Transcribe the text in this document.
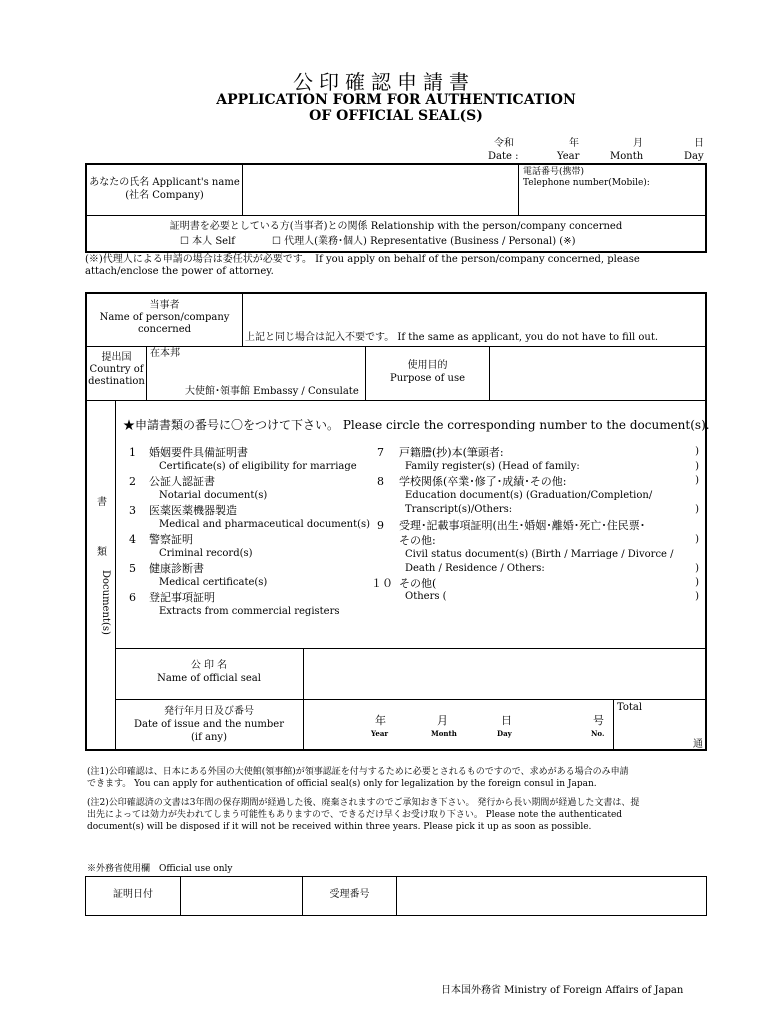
公印確認申請書
APPLICATION FORM FOR AUTHENTICATION
OF OFFICIAL SEAL(S)
令和
Date :
年
Year
月
Month
日
Day
あなたの氏名 Applicant's name
(社名 Company)
電話番号(携帯)
Telephone number(Mobile):
証明書を必要としている方(当事者)との関係 Relationship with the person/company concerned
☐ 本人 Self	☐ 代理人(業務･個人) Representative (Business / Personal) (※)
(※)代理人による申請の場合は委任状が必要です。 If you apply on behalf of the person/company concerned, please
attach/enclose the power of attorney.
当事者
Name of person/company
concerned
上記と同じ場合は記入不要です。 If the same as applicant, you do not have to fill out.
提出国
Country of
destination
在本邦
大使館･領事館 Embassy / Consulate
使用目的
Purpose of use
書
類
Document(s)
★申請書類の番号に〇をつけて下さい。 Please circle the corresponding number to the document(s).
1 婚姻要件具備証明書
Certificate(s) of eligibility for marriage
2 公証人認証書
Notarial document(s)
3 医薬医薬機器製造
Medical and pharmaceutical document(s)
4 警察証明
Criminal record(s)
5 健康診断書
Medical certificate(s)
6 登記事項証明
Extracts from commercial registers
7 戸籍謄(抄)本(筆頭者:	)
Family register(s) (Head of family:	)
8 学校関係(卒業･修了･成績･その他:	)
Education document(s) (Graduation/Completion/
Transcript(s)/Others:	)
9 受理･記載事項証明(出生･婚姻･離婚･死亡･住民票･
その他:	)
Civil status document(s) (Birth / Marriage / Divorce /
Death / Residence / Others:	)
１０ その他(	)
Others (	)
公 印 名
Name of official seal
発行年月日及び番号
Date of issue and the number
(if any)
年
Year
月
Month
日
Day
号
No.
Total
通
(注1)公印確認は、日本にある外国の大使館(領事館)が領事認証を付与するために必要とされるものですので、求めがある場合のみ申請
できます。 You can apply for authentication of official seal(s) only for legalization by the foreign consul in Japan.
(注2)公印確認済の文書は3年間の保存期間が経過した後、廃棄されますのでご承知おき下さい。 発行から長い期間が経過した文書は、提
出先によっては効力が失われてしまう可能性もありますので、できるだけ早くお受け取り下さい。 Please note the authenticated
document(s) will be disposed if it will not be received within three years. Please pick it up as soon as possible.
※外務省使用欄　Official use only
証明日付	受理番号
日本国外務省 Ministry of Foreign Affairs of Japan
